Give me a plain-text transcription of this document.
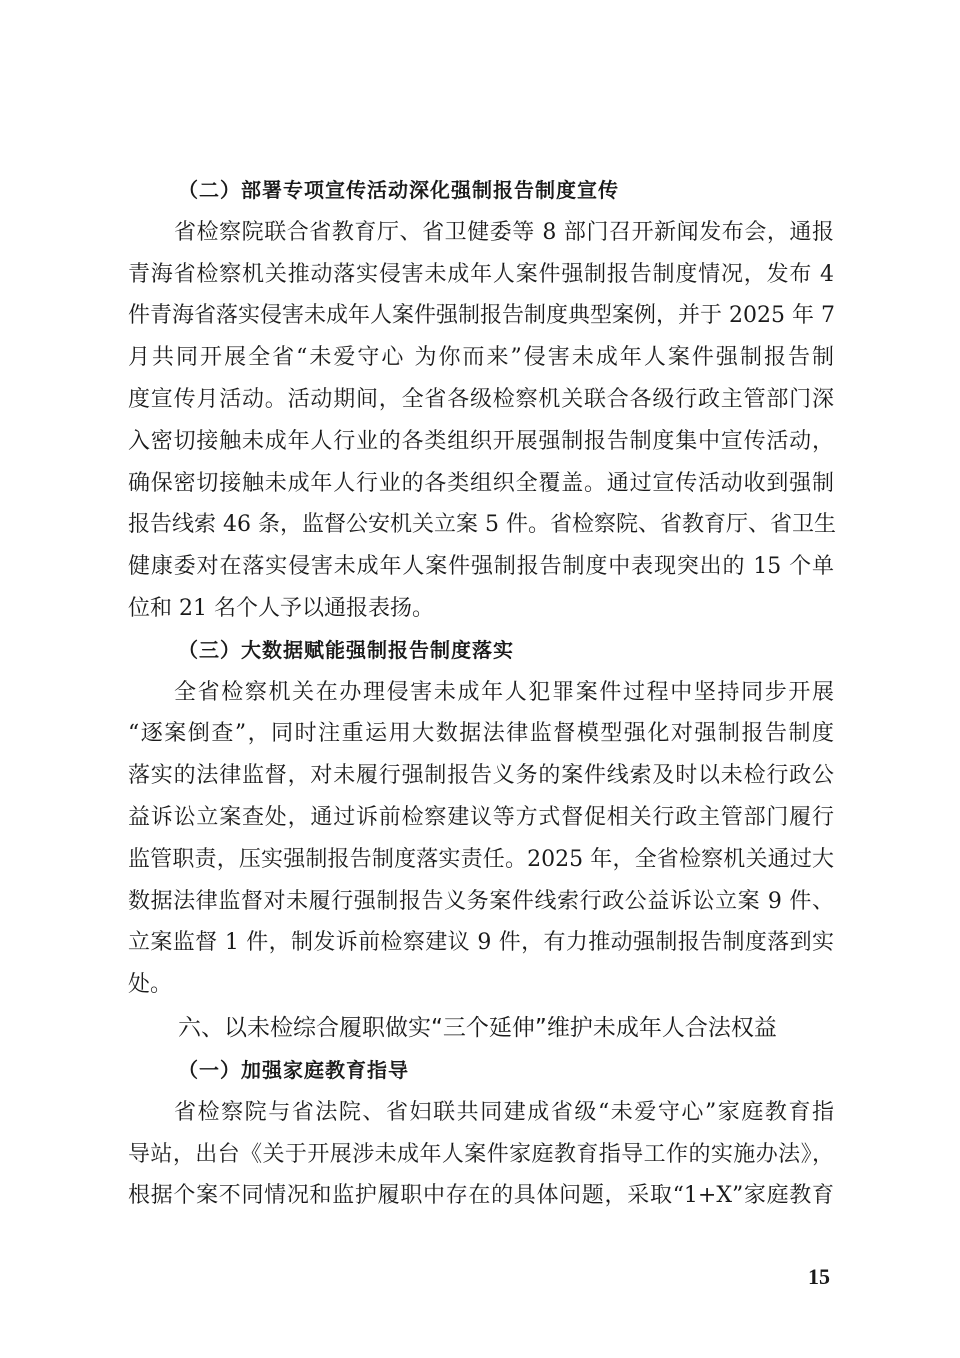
（二）部署专项宣传活动深化强制报告制度宣传
省检察院联合省教育厅、省卫健委等 8 部门召开新闻发布会，通报
青海省检察机关推动落实侵害未成年人案件强制报告制度情况，发布 4
件青海省落实侵害未成年人案件强制报告制度典型案例，并于 2025 年 7
月共同开展全省“未爱守心 为你而来”侵害未成年人案件强制报告制
度宣传月活动。活动期间，全省各级检察机关联合各级行政主管部门深
入密切接触未成年人行业的各类组织开展强制报告制度集中宣传活动，
确保密切接触未成年人行业的各类组织全覆盖。通过宣传活动收到强制
报告线索 46 条，监督公安机关立案 5 件。省检察院、省教育厅、省卫生
健康委对在落实侵害未成年人案件强制报告制度中表现突出的 15 个单
位和 21 名个人予以通报表扬。
（三）大数据赋能强制报告制度落实
全省检察机关在办理侵害未成年人犯罪案件过程中坚持同步开展
“逐案倒查”，同时注重运用大数据法律监督模型强化对强制报告制度
落实的法律监督，对未履行强制报告义务的案件线索及时以未检行政公
益诉讼立案查处，通过诉前检察建议等方式督促相关行政主管部门履行
监管职责，压实强制报告制度落实责任。2025 年，全省检察机关通过大
数据法律监督对未履行强制报告义务案件线索行政公益诉讼立案 9 件、
立案监督 1 件，制发诉前检察建议 9 件，有力推动强制报告制度落到实
处。
六、以未检综合履职做实“三个延伸”维护未成年人合法权益
（一）加强家庭教育指导
省检察院与省法院、省妇联共同建成省级“未爱守心”家庭教育指
导站，出台《关于开展涉未成年人案件家庭教育指导工作的实施办法》，
根据个案不同情况和监护履职中存在的具体问题，采取“1+X”家庭教育
15
